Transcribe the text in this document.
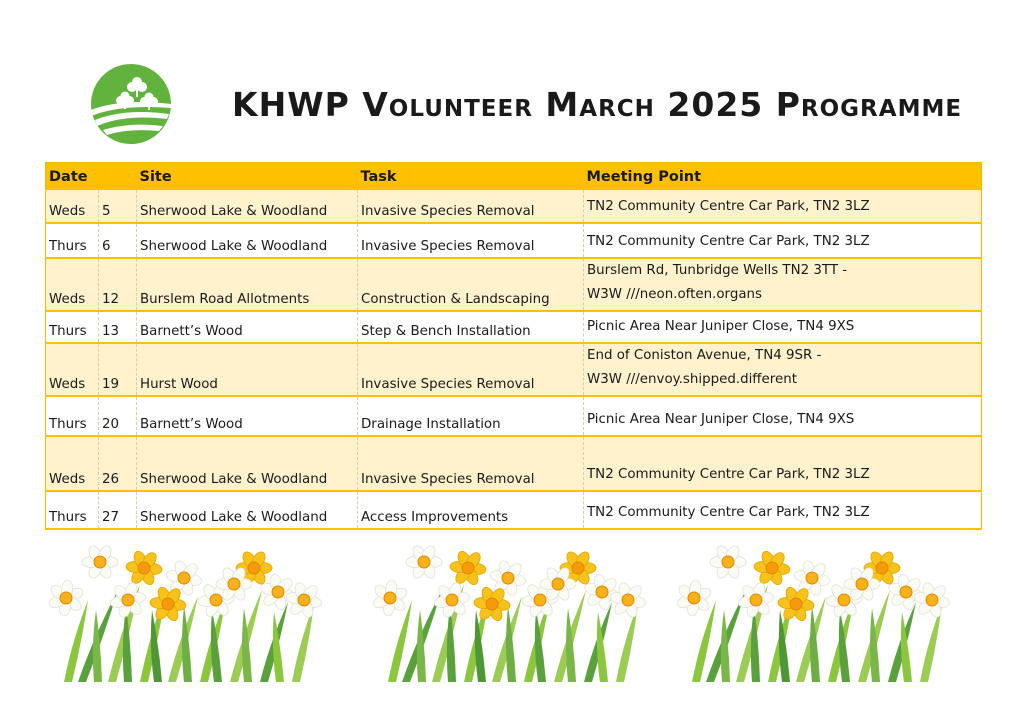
KHWP Volunteer March 2025 Programme
Date		Site	Task	Meeting Point
Weds	5	Sherwood Lake & Woodland	Invasive Species Removal	TN2 Community Centre Car Park, TN2 3LZ

Thurs	6	Sherwood Lake & Woodland	Invasive Species Removal	TN2 Community Centre Car Park, TN2 3LZ

Weds	12	Burslem Road Allotments	Construction & Landscaping	Burslem Rd, Tunbridge Wells TN2 3TT -
W3W ///neon.often.organs

Thurs	13	Barnett’s Wood	Step & Bench Installation	Picnic Area Near Juniper Close, TN4 9XS

Weds	19	Hurst Wood	Invasive Species Removal	End of Coniston Avenue, TN4 9SR -
W3W ///envoy.shipped.different

Thurs	20	Barnett’s Wood	Drainage Installation	Picnic Area Near Juniper Close, TN4 9XS

Weds	26	Sherwood Lake & Woodland	Invasive Species Removal	TN2 Community Centre Car Park, TN2 3LZ

Thurs	27	Sherwood Lake & Woodland	Access Improvements	TN2 Community Centre Car Park, TN2 3LZ
